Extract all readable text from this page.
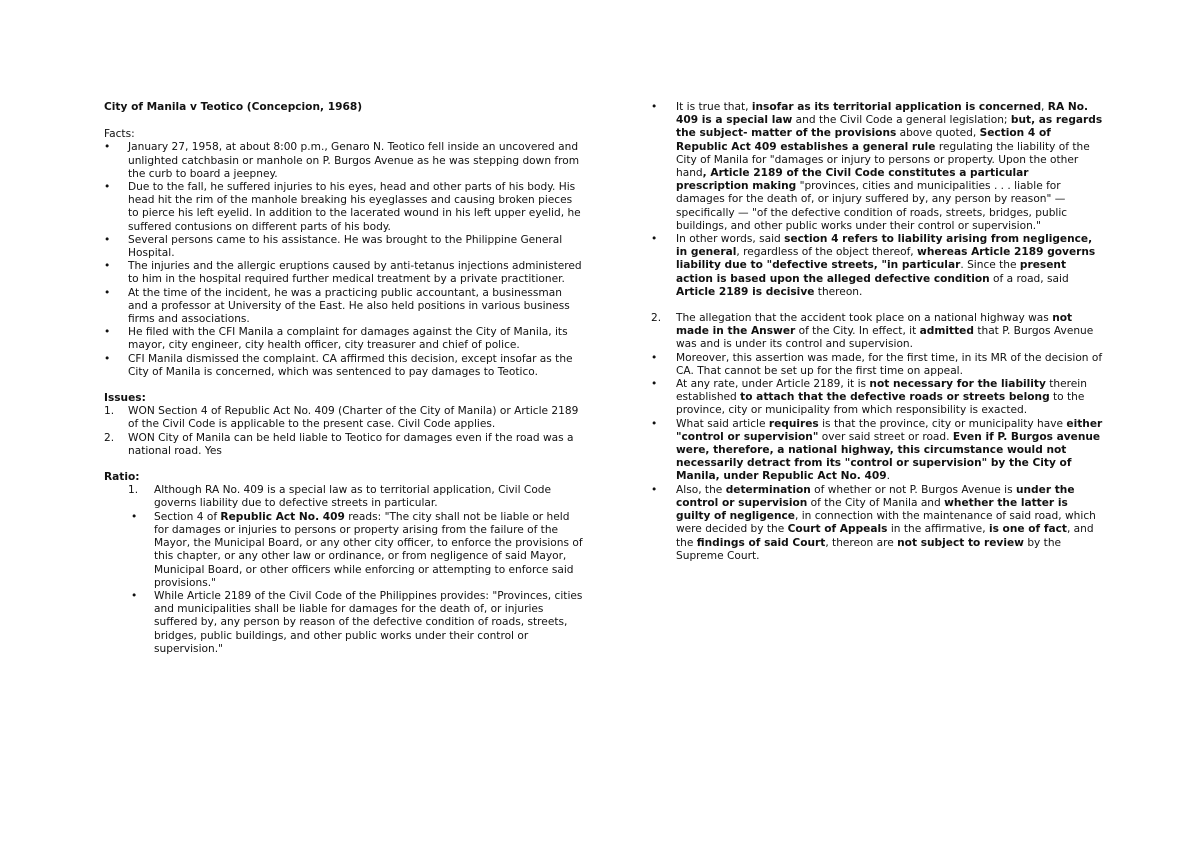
City of Manila v Teotico (Concepcion, 1968)
Facts:
• January 27, 1958, at about 8:00 p.m., Genaro N. Teotico fell inside an uncovered and unlighted catchbasin or manhole on P. Burgos Avenue as he was stepping down from the curb to board a jeepney.
• Due to the fall, he suffered injuries to his eyes, head and other parts of his body. His head hit the rim of the manhole breaking his eyeglasses and causing broken pieces to pierce his left eyelid. In addition to the lacerated wound in his left upper eyelid, he suffered contusions on different parts of his body.
• Several persons came to his assistance. He was brought to the Philippine General Hospital.
• The injuries and the allergic eruptions caused by anti-tetanus injections administered to him in the hospital required further medical treatment by a private practitioner.
• At the time of the incident, he was a practicing public accountant, a businessman and a professor at University of the East. He also held positions in various business firms and associations.
• He filed with the CFI Manila a complaint for damages against the City of Manila, its mayor, city engineer, city health officer, city treasurer and chief of police.
• CFI Manila dismissed the complaint. CA affirmed this decision, except insofar as the City of Manila is concerned, which was sentenced to pay damages to Teotico.
Issues:
1. WON Section 4 of Republic Act No. 409 (Charter of the City of Manila) or Article 2189 of the Civil Code is applicable to the present case. Civil Code applies.
2. WON City of Manila can be held liable to Teotico for damages even if the road was a national road. Yes
Ratio:
1. Although RA No. 409 is a special law as to territorial application, Civil Code governs liability due to defective streets in particular.
• Section 4 of Republic Act No. 409 reads: "The city shall not be liable or held for damages or injuries to persons or property arising from the failure of the Mayor, the Municipal Board, or any other city officer, to enforce the provisions of this chapter, or any other law or ordinance, or from negligence of said Mayor, Municipal Board, or other officers while enforcing or attempting to enforce said provisions."
• While Article 2189 of the Civil Code of the Philippines provides: "Provinces, cities and municipalities shall be liable for damages for the death of, or injuries suffered by, any person by reason of the defective condition of roads, streets, bridges, public buildings, and other public works under their control or supervision."
• It is true that, insofar as its territorial application is concerned, RA No. 409 is a special law and the Civil Code a general legislation; but, as regards the subject- matter of the provisions above quoted, Section 4 of Republic Act 409 establishes a general rule regulating the liability of the City of Manila for "damages or injury to persons or property. Upon the other hand, Article 2189 of the Civil Code constitutes a particular prescription making "provinces, cities and municipalities . . . liable for damages for the death of, or injury suffered by, any person by reason" — specifically — "of the defective condition of roads, streets, bridges, public buildings, and other public works under their control or supervision."
• In other words, said section 4 refers to liability arising from negligence, in general, regardless of the object thereof, whereas Article 2189 governs liability due to "defective streets, "in particular. Since the present action is based upon the alleged defective condition of a road, said Article 2189 is decisive thereon.
2. The allegation that the accident took place on a national highway was not made in the Answer of the City. In effect, it admitted that P. Burgos Avenue was and is under its control and supervision.
• Moreover, this assertion was made, for the first time, in its MR of the decision of CA. That cannot be set up for the first time on appeal.
• At any rate, under Article 2189, it is not necessary for the liability therein established to attach that the defective roads or streets belong to the province, city or municipality from which responsibility is exacted.
• What said article requires is that the province, city or municipality have either "control or supervision" over said street or road. Even if P. Burgos avenue were, therefore, a national highway, this circumstance would not necessarily detract from its "control or supervision" by the City of Manila, under Republic Act No. 409.
• Also, the determination of whether or not P. Burgos Avenue is under the control or supervision of the City of Manila and whether the latter is guilty of negligence, in connection with the maintenance of said road, which were decided by the Court of Appeals in the affirmative, is one of fact, and the findings of said Court, thereon are not subject to review by the Supreme Court.
